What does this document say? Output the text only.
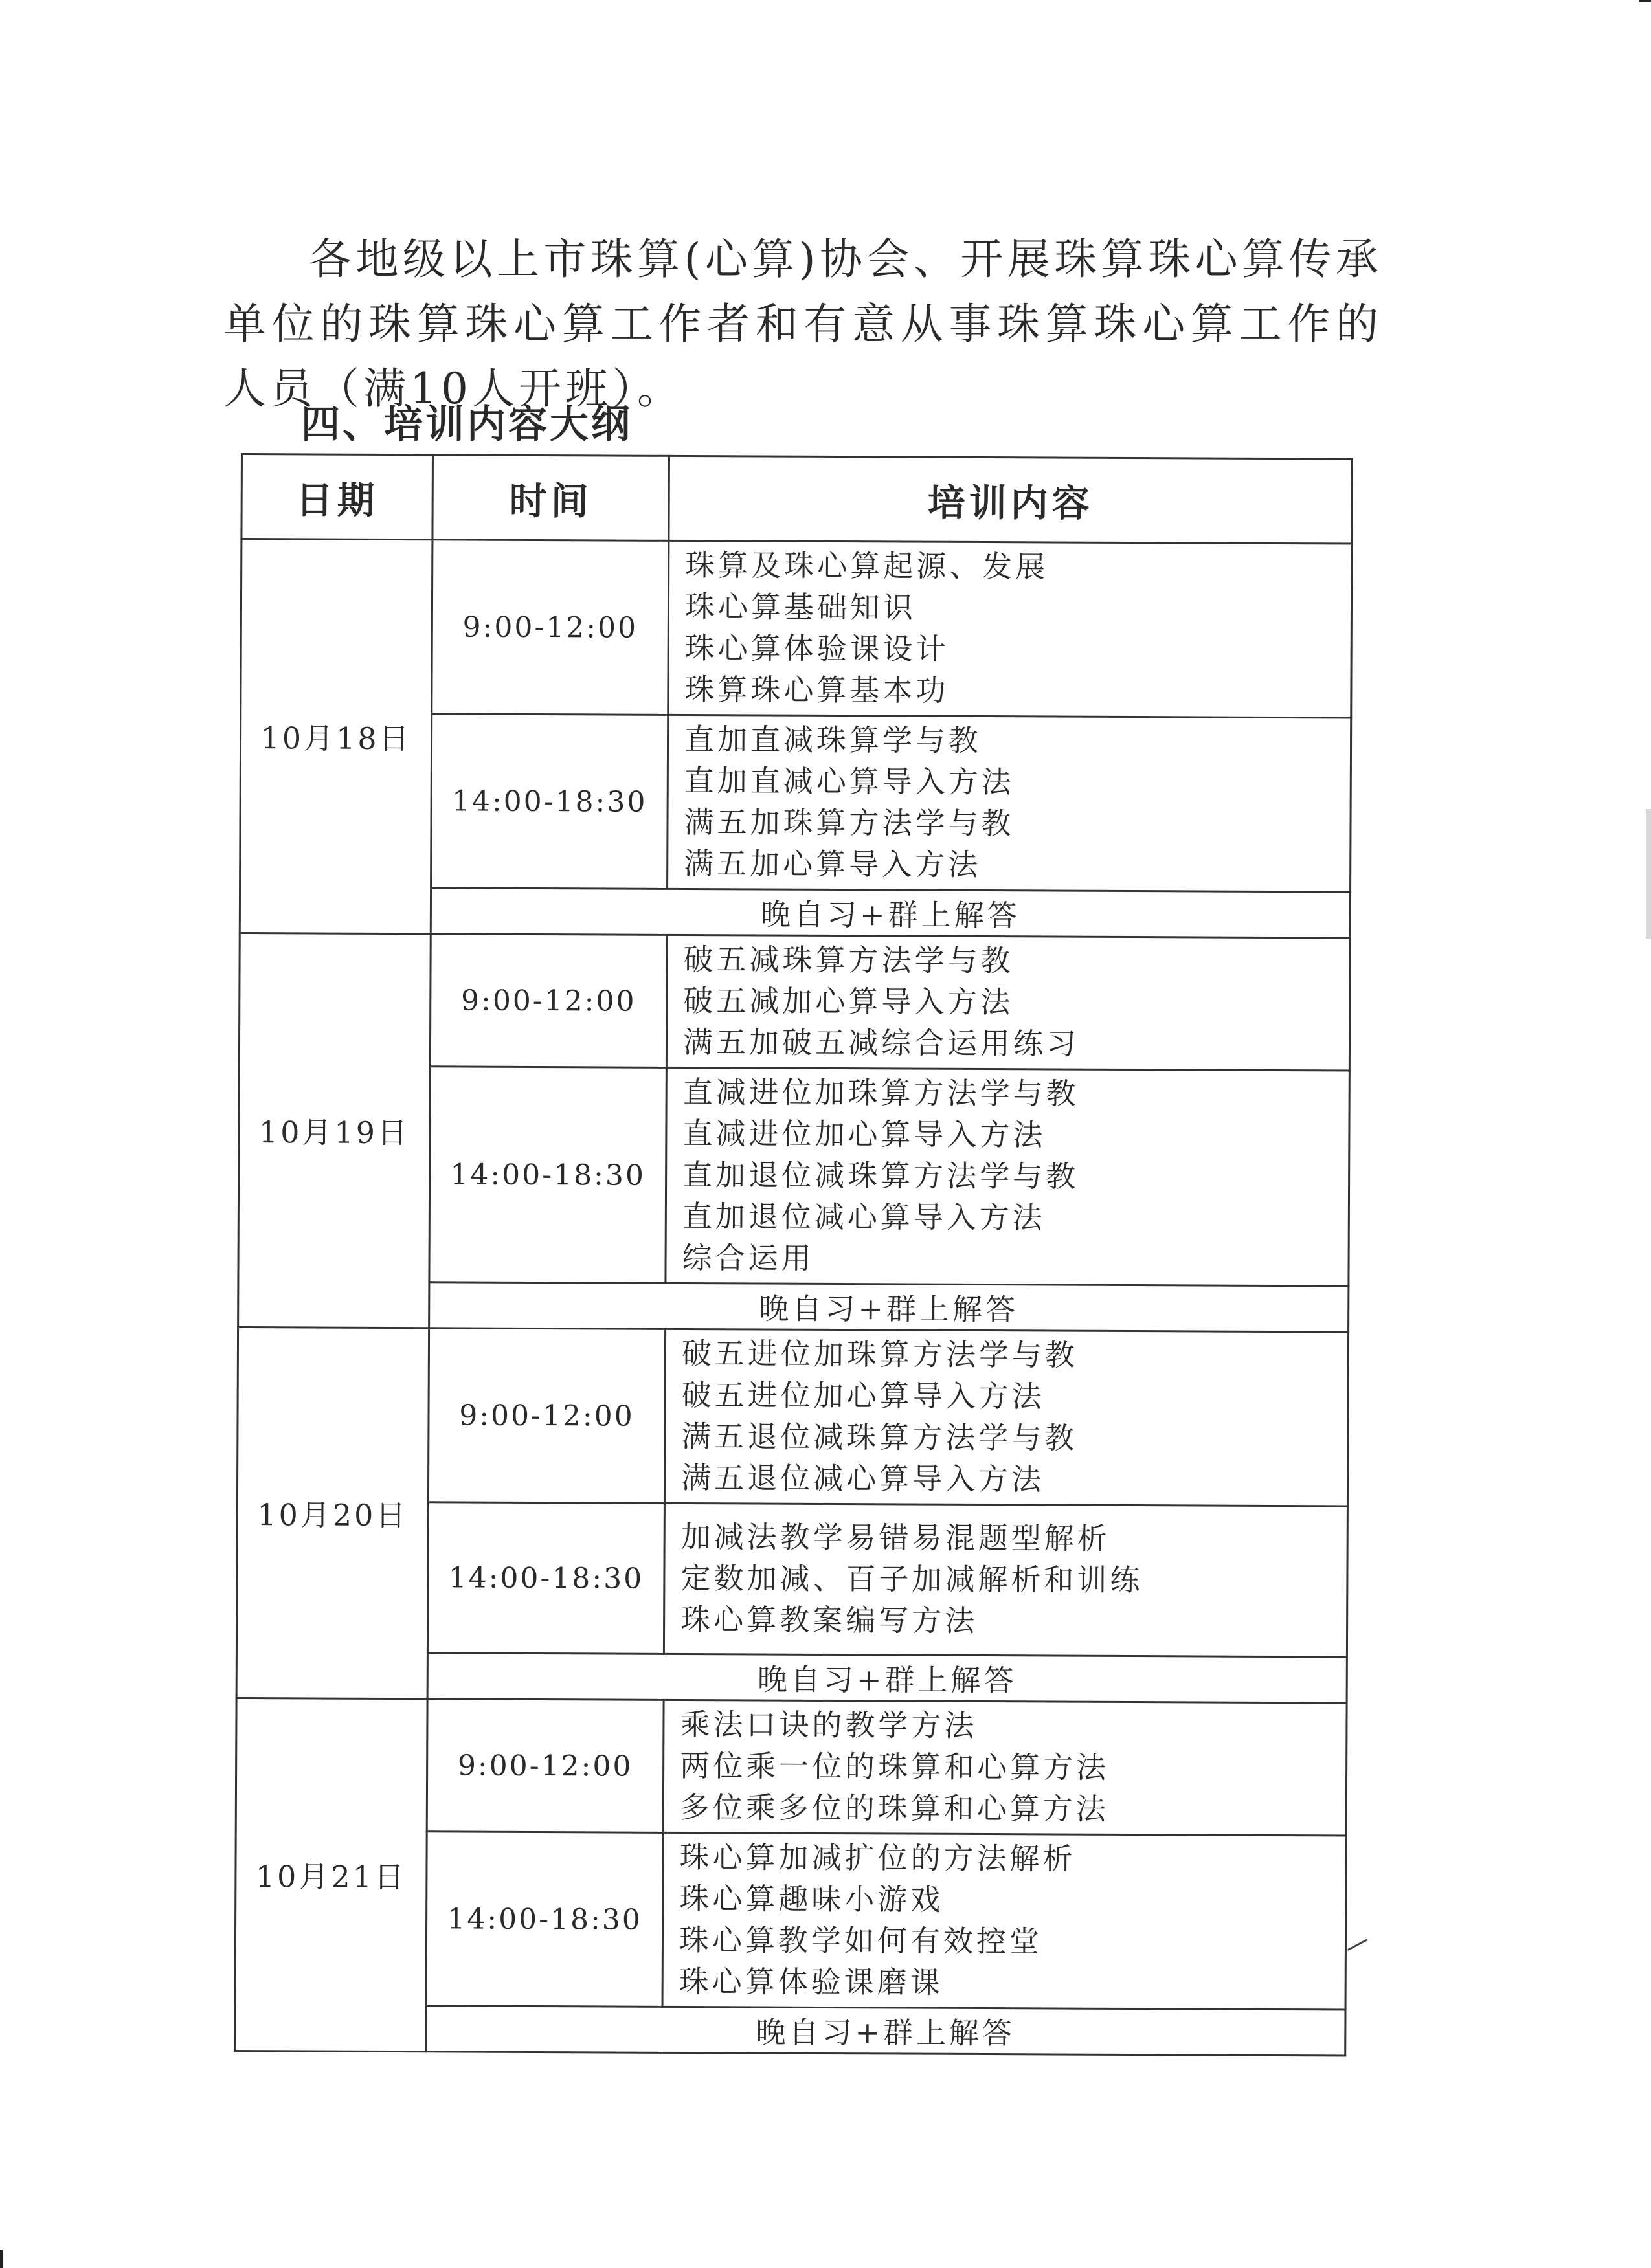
各地级以上市珠算(心算)协会、开展珠算珠心算传承单位的珠算珠心算工作者和有意从事珠算珠心算工作的人员（满10人开班）。

四、培训内容大纲
日期	时间	培训内容
10月18日	9:00-12:00	珠算及珠心算起源、发展
珠心算基础知识
珠心算体验课设计
珠算珠心算基本功

	14:00-18:30	直加直减珠算学与教
直加直减心算导入方法
满五加珠算方法学与教
满五加心算导入方法

	晚自习+群上解答	
10月19日	9:00-12:00	破五减珠算方法学与教
破五减加心算导入方法
满五加破五减综合运用练习

	14:00-18:30	直减进位加珠算方法学与教
直减进位加心算导入方法
直加退位减珠算方法学与教
直加退位减心算导入方法
综合运用

	晚自习+群上解答	
10月20日	9:00-12:00	破五进位加珠算方法学与教
破五进位加心算导入方法
满五退位减珠算方法学与教
满五退位减心算导入方法

	14:00-18:30	加减法教学易错易混题型解析
定数加减、百子加减解析和训练
珠心算教案编写方法

	晚自习+群上解答	
10月21日	9:00-12:00	乘法口诀的教学方法
两位乘一位的珠算和心算方法
多位乘多位的珠算和心算方法

	14:00-18:30	珠心算加减扩位的方法解析
珠心算趣味小游戏
珠心算教学如何有效控堂
珠心算体验课磨课

	晚自习+群上解答	
